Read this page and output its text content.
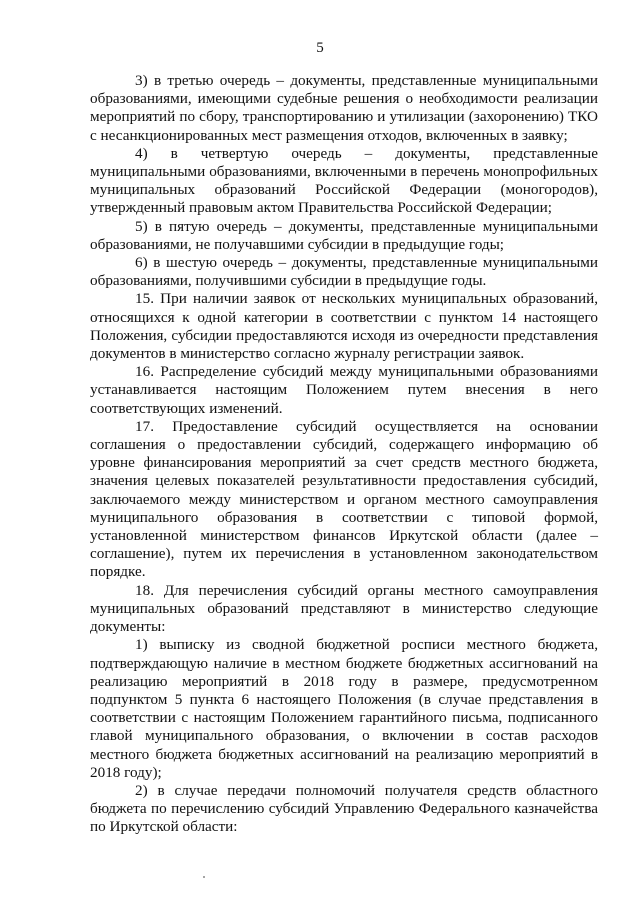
5

3) в третью очередь – документы, представленные муниципальными образованиями, имеющими судебные решения о необходимости реализации мероприятий по сбору, транспортированию и утилизации (захоронению) ТКО с несанкционированных мест размещения отходов, включенных в заявку;

4) в четвертую очередь – документы, представленные муниципальными образованиями, включенными в перечень монопрофильных муниципальных образований Российской Федерации (моногородов), утвержденный правовым актом Правительства Российской Федерации;

5) в пятую очередь – документы, представленные муниципальными образованиями, не получавшими субсидии в предыдущие годы;

6) в шестую очередь – документы, представленные муниципальными образованиями, получившими субсидии в предыдущие годы.

15. При наличии заявок от нескольких муниципальных образований, относящихся к одной категории в соответствии с пунктом 14 настоящего Положения, субсидии предоставляются исходя из очередности представления документов в министерство согласно журналу регистрации заявок.

16. Распределение субсидий между муниципальными образованиями устанавливается настоящим Положением путем внесения в него соответствующих изменений.

17. Предоставление субсидий осуществляется на основании соглашения о предоставлении субсидий, содержащего информацию об уровне финансирования мероприятий за счет средств местного бюджета, значения целевых показателей результативности предоставления субсидий, заключаемого между министерством и органом местного самоуправления муниципального образования в соответствии с типовой формой, установленной министерством финансов Иркутской области (далее – соглашение), путем их перечисления в установленном законодательством порядке.

18. Для перечисления субсидий органы местного самоуправления муниципальных образований представляют в министерство следующие документы:

1) выписку из сводной бюджетной росписи местного бюджета, подтверждающую наличие в местном бюджете бюджетных ассигнований на реализацию мероприятий в 2018 году в размере, предусмотренном подпунктом 5 пункта 6 настоящего Положения (в случае представления в соответствии с настоящим Положением гарантийного письма, подписанного главой муниципального образования, о включении в состав расходов местного бюджета бюджетных ассигнований на реализацию мероприятий в 2018 году);

2) в случае передачи полномочий получателя средств областного бюджета по перечислению субсидий Управлению Федерального казначейства по Иркутской области:
